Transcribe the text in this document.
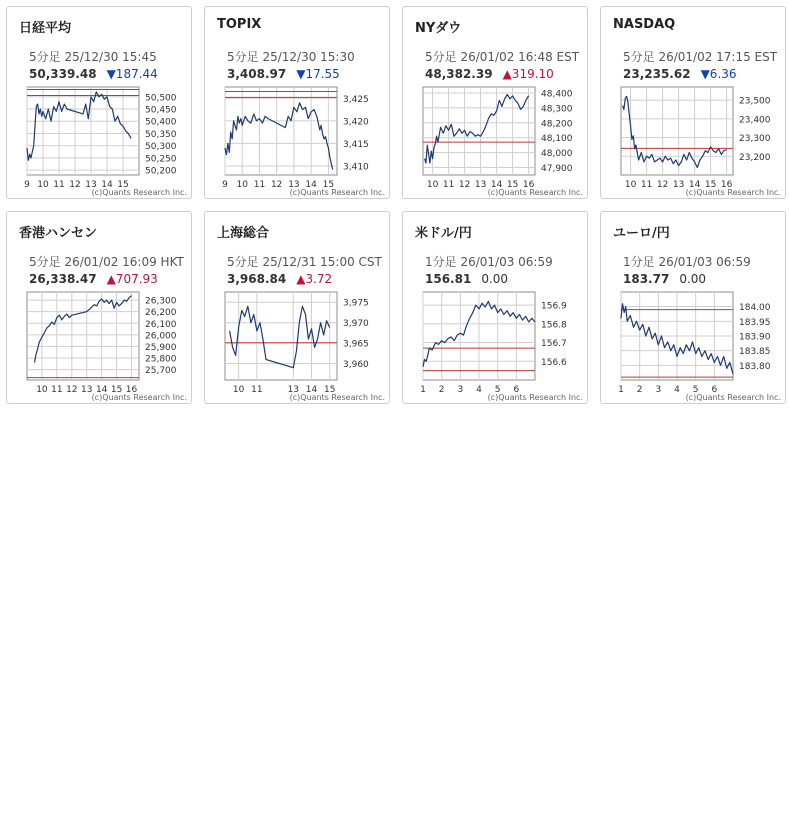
日経平均
5分足 25/12/30 15:45
50,339.48 ▼187.44
50,200
50,250
50,300
50,350
50,400
50,450
50,500
9 10 11 12 13 14 15
(c)Quants Research Inc.
TOPIX
5分足 25/12/30 15:30
3,408.97 ▼17.55
3,410
3,415
3,420
3,425
9 10 11 12 13 14 15
(c)Quants Research Inc.
NYダウ
5分足 26/01/02 16:48 EST
48,382.39 ▲319.10
47,900
48,000
48,100
48,200
48,300
48,400
10 11 12 13 14 15 16
(c)Quants Research Inc.
NASDAQ
5分足 26/01/02 17:15 EST
23,235.62 ▼6.36
23,200
23,300
23,400
23,500
10 11 12 13 14 15 16
(c)Quants Research Inc.
香港ハンセン
5分足 26/01/02 16:09 HKT
26,338.47 ▲707.93
25,700
25,800
25,900
26,000
26,100
26,200
26,300
10 11 12 13 14 15 16
(c)Quants Research Inc.
上海総合
5分足 25/12/31 15:00 CST
3,968.84 ▲3.72
3,960
3,965
3,970
3,975
10 11	13 14 15
(c)Quants Research Inc.
米ドル/円
1分足 26/01/03 06:59
156.81 0.00
156.6
156.7
156.8
156.9
1 2 3 4 5 6
(c)Quants Research Inc.
ユーロ/円
1分足 26/01/03 06:59
183.77 0.00
183.80
183.85
183.90
183.95
184.00
1 2 3 4 5 6
(c)Quants Research Inc.
